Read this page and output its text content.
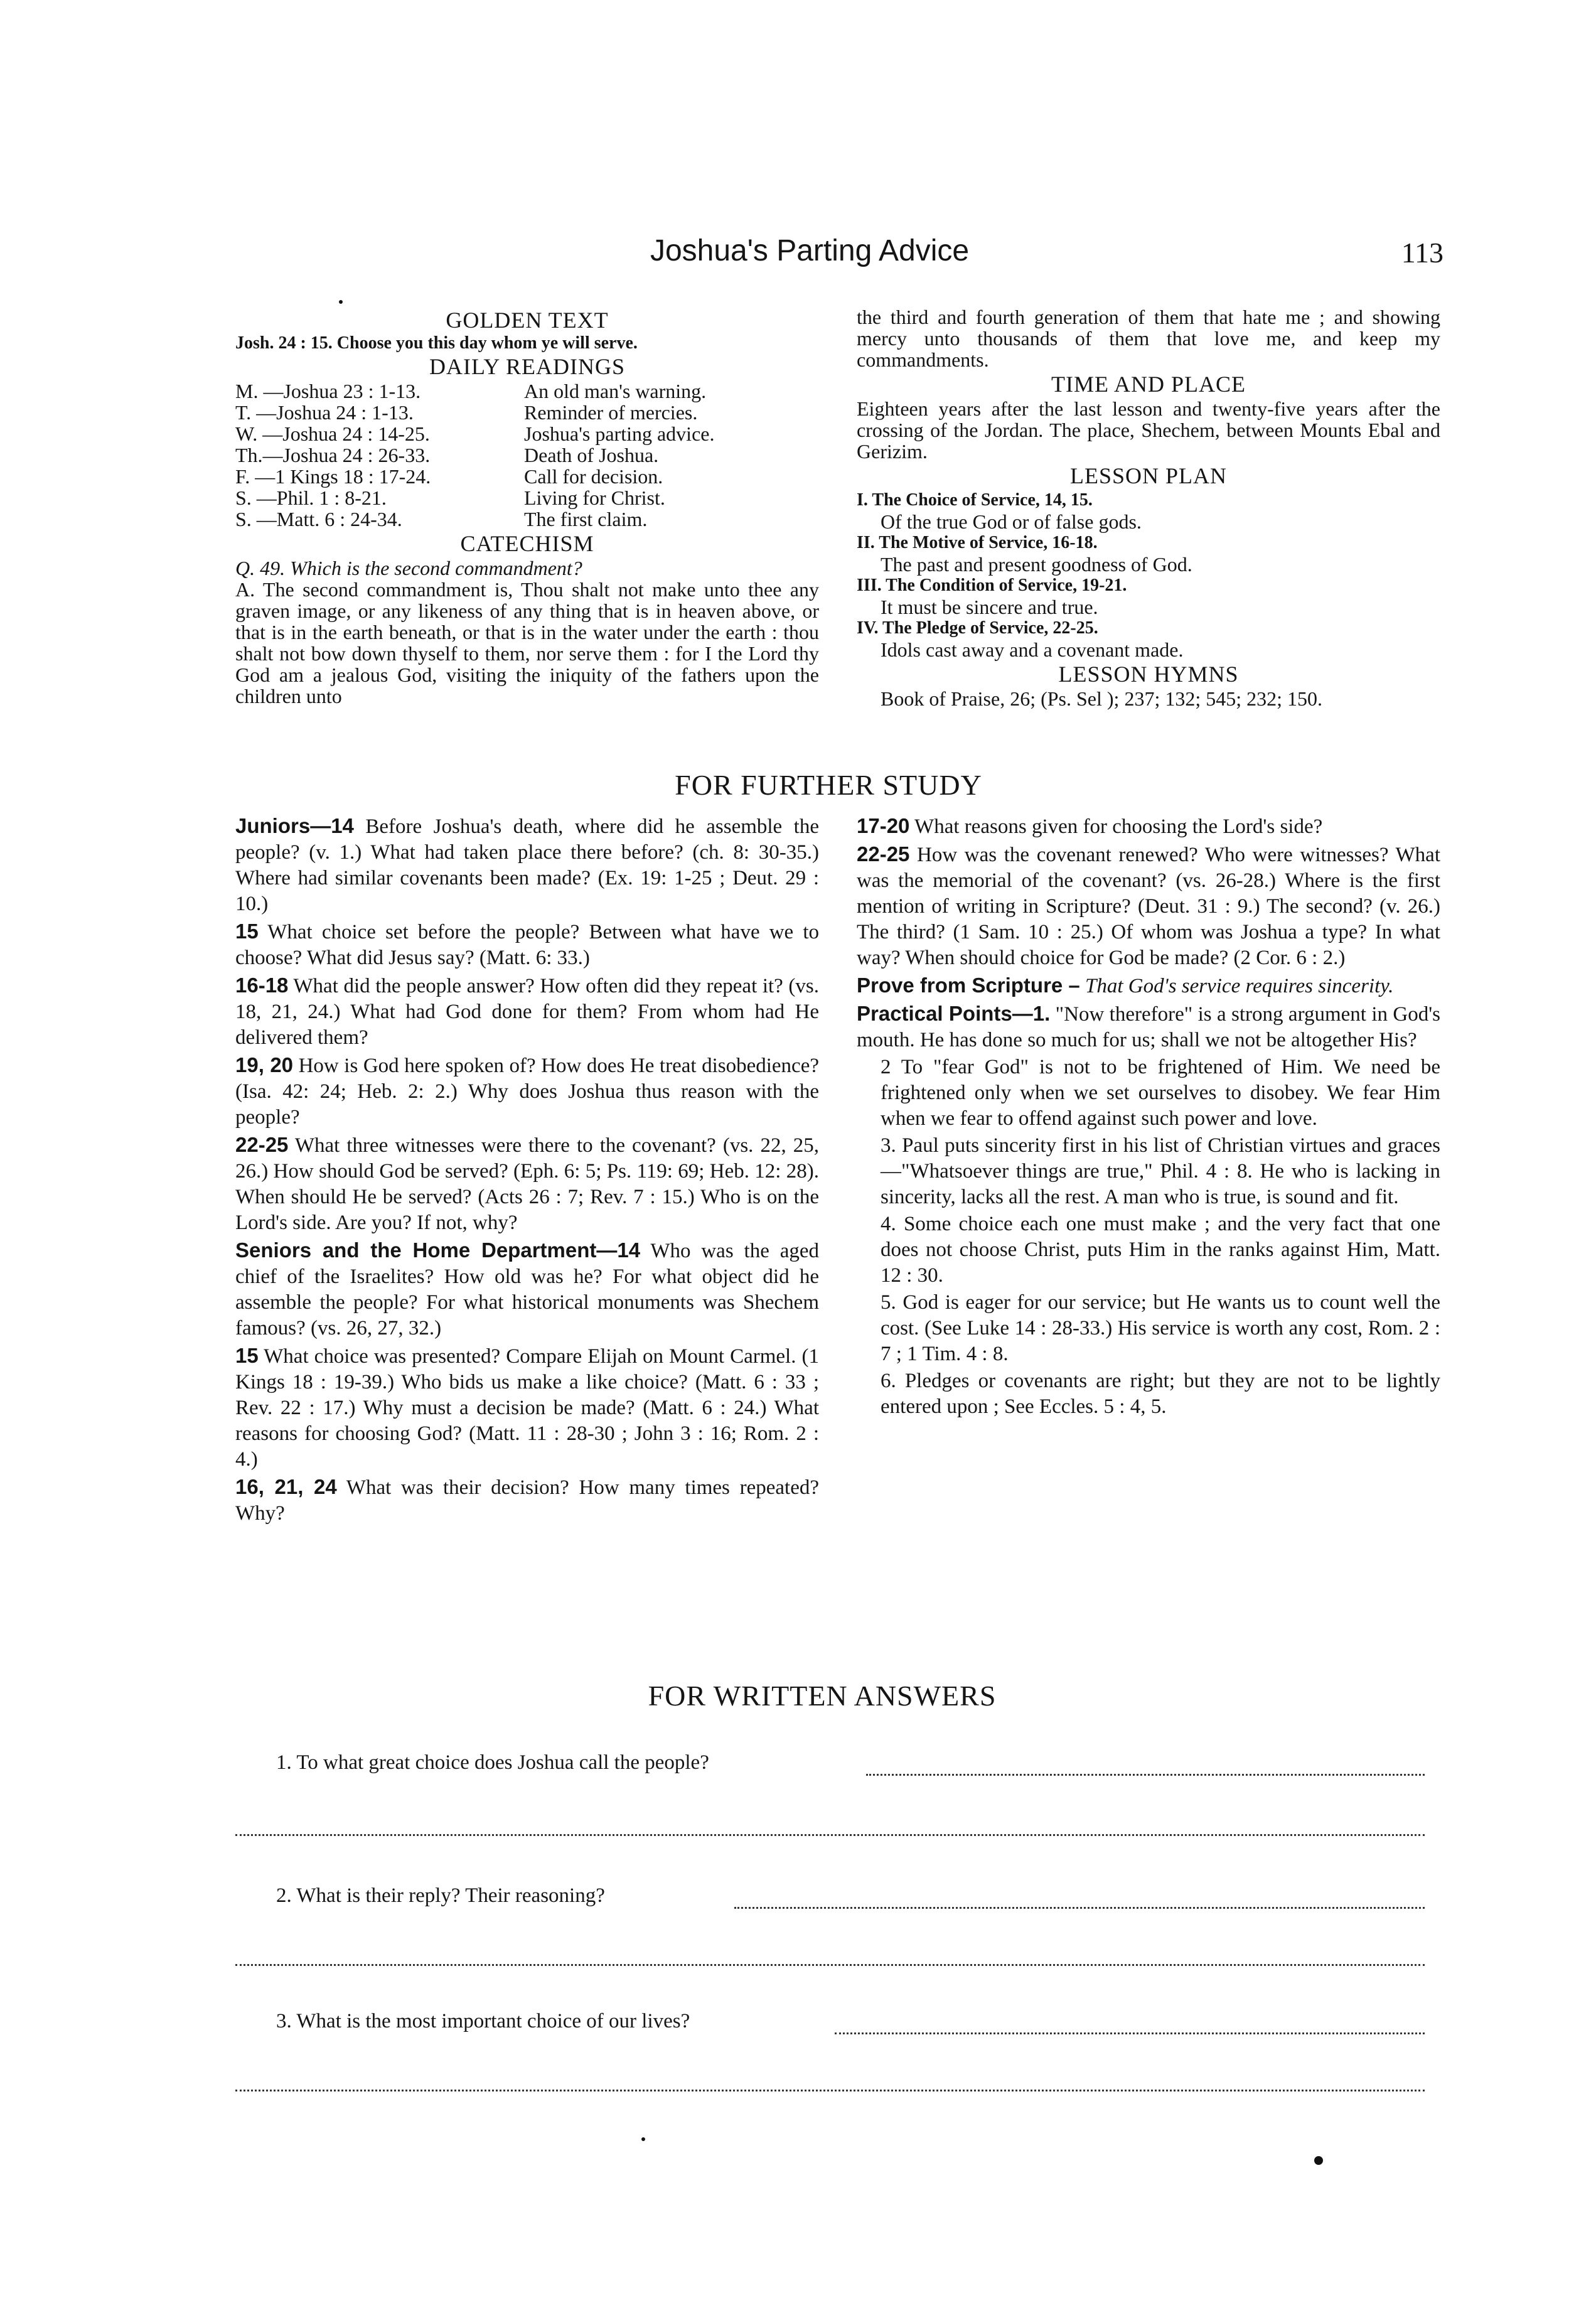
Joshua's Parting Advice	113

GOLDEN TEXT

Josh. 24 : 15. Choose you this day whom ye will serve.

DAILY READINGS

M. —Joshua 23 : 1-13.	An old man's warning.
T. —Joshua 24 : 1-13.	Reminder of mercies.
W. —Joshua 24 : 14-25.	Joshua's parting advice.
Th.—Joshua 24 : 26-33.	Death of Joshua.
F. —1 Kings 18 : 17-24.	Call for decision.
S. —Phil. 1 : 8-21.	Living for Christ.
S. —Matt. 6 : 24-34.	The first claim.

CATECHISM

Q. 49. Which is the second commandment?
A. The second commandment is, Thou shalt not make unto thee any graven image, or any likeness of any thing that is in heaven above, or that is in the earth beneath, or that is in the water under the earth : thou shalt not bow down thyself to them, nor serve them : for I the Lord thy God am a jealous God, visiting the iniquity of the fathers upon the children unto
the third and fourth generation of them that hate me ; and showing mercy unto thousands of them that love me, and keep my commandments.

TIME AND PLACE

Eighteen years after the last lesson and twenty-five years after the crossing of the Jordan. The place, Shechem, between Mounts Ebal and Gerizim.

LESSON PLAN

I. The Choice of Service, 14, 15.
Of the true God or of false gods.
II. The Motive of Service, 16-18.
The past and present goodness of God.
III. The Condition of Service, 19-21.
It must be sincere and true.
IV. The Pledge of Service, 22-25.
Idols cast away and a covenant made.

LESSON HYMNS

Book of Praise, 26; (Ps. Sel ); 237; 132; 545; 232; 150.
FOR FURTHER STUDY

Juniors—14 Before Joshua's death, where did he assemble the people? (v. 1.) What had taken place there before? (ch. 8: 30-35.) Where had similar covenants been made? (Ex. 19: 1-25 ; Deut. 29 : 10.)

15 What choice set before the people? Between what have we to choose? What did Jesus say? (Matt. 6: 33.)

16-18 What did the people answer? How often did they repeat it? (vs. 18, 21, 24.) What had God done for them? From whom had He delivered them?

19, 20 How is God here spoken of? How does He treat disobedience? (Isa. 42: 24; Heb. 2: 2.) Why does Joshua thus reason with the people?

22-25 What three witnesses were there to the covenant? (vs. 22, 25, 26.) How should God be served? (Eph. 6: 5; Ps. 119: 69; Heb. 12: 28). When should He be served? (Acts 26 : 7; Rev. 7 : 15.) Who is on the Lord's side. Are you? If not, why?

Seniors and the Home Department—14 Who was the aged chief of the Israelites? How old was he? For what object did he assemble the people? For what historical monuments was Shechem famous? (vs. 26, 27, 32.)

15 What choice was presented? Compare Elijah on Mount Carmel. (1 Kings 18 : 19-39.) Who bids us make a like choice? (Matt. 6 : 33 ; Rev. 22 : 17.) Why must a decision be made? (Matt. 6 : 24.) What reasons for choosing God? (Matt. 11 : 28-30 ; John 3 : 16; Rom. 2 : 4.)

16, 21, 24 What was their decision? How many times repeated? Why?

17-20 What reasons given for choosing the Lord's side?

22-25 How was the covenant renewed? Who were witnesses? What was the memorial of the covenant? (vs. 26-28.) Where is the first mention of writing in Scripture? (Deut. 31 : 9.) The second? (v. 26.) The third? (1 Sam. 10 : 25.) Of whom was Joshua a type? In what way? When should choice for God be made? (2 Cor. 6 : 2.)

Prove from Scripture – That God's service requires sincerity.

Practical Points—1. "Now therefore" is a strong argument in God's mouth. He has done so much for us; shall we not be altogether His?

2 To "fear God" is not to be frightened of Him. We need be frightened only when we set ourselves to disobey. We fear Him when we fear to offend against such power and love.

3. Paul puts sincerity first in his list of Christian virtues and graces—"Whatsoever things are true," Phil. 4 : 8. He who is lacking in sincerity, lacks all the rest. A man who is true, is sound and fit.

4. Some choice each one must make ; and the very fact that one does not choose Christ, puts Him in the ranks against Him, Matt. 12 : 30.

5. God is eager for our service; but He wants us to count well the cost. (See Luke 14 : 28-33.) His service is worth any cost, Rom. 2 : 7 ; 1 Tim. 4 : 8.

6. Pledges or covenants are right; but they are not to be lightly entered upon ; See Eccles. 5 : 4, 5.

FOR WRITTEN ANSWERS
1. To what great choice does Joshua call the people?
2. What is their reply? Their reasoning?
3. What is the most important choice of our lives?
